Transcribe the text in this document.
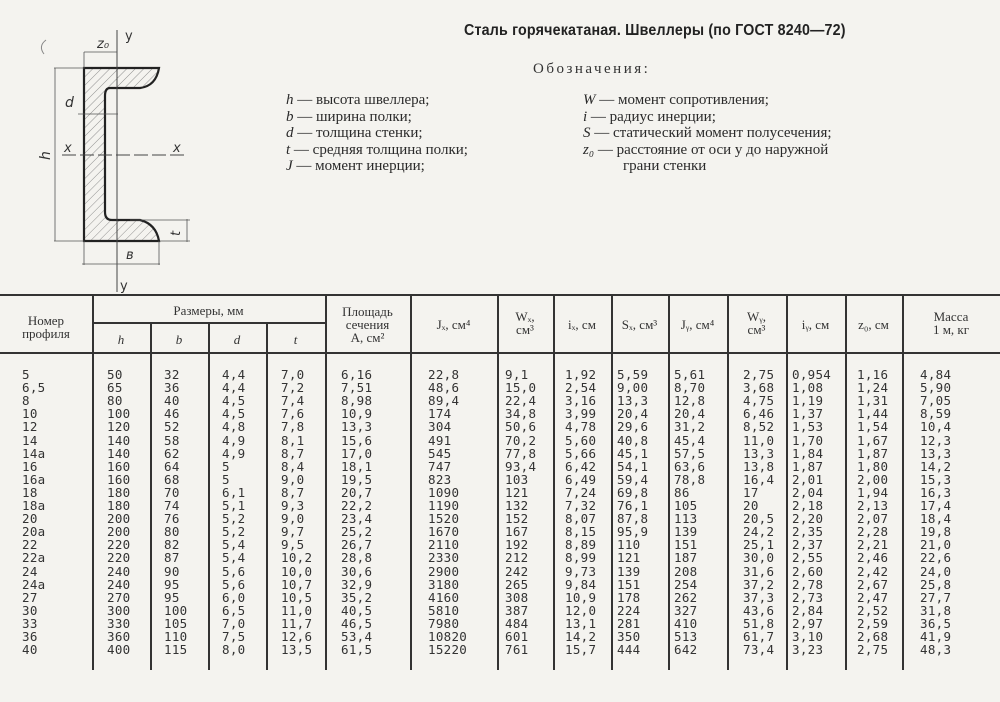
Сталь горячекатаная. Швеллеры (по ГОСТ 8240—72)
Обозначения:
h — высота швеллера;
b — ширина полки;
d — толщина стенки;
t — средняя толщина полки;
J — момент инерции;
W — момент сопротивления;
i — радиус инерции;
S — статический момент полусечения;
z₀ — расстояние от оси y до наружной
грани стенки
z₀
y
y
d
h x	x
в
t
Номер
профиля
Размеры, мм
h	b	d	t
Площадь
сечения
A, см²
Jₓ, см⁴
Wₓ,
см³	iₓ, см	Sₓ, см³	Jᵧ, см⁴
Wᵧ,
см³	iᵧ, см	z₀, см
Масса
1 м, кг
5	50	32	4,4	7,0	6,16	22,8	9,1	1,92 5,59 5,61	2,75 0,954 1,16	4,84
6,5	65	36	4,4	7,2	7,51	48,6	15,0 2,54 9,00 8,70	3,68 1,08	1,24	5,90
8	80	40	4,5	7,4	8,98	89,4	22,4 3,16 13,3 12,8	4,75 1,19	1,31	7,05
10	100	46	4,5	7,6	10,9	174	34,8 3,99 20,4 20,4	6,46 1,37	1,44	8,59
12	120	52	4,8	7,8	13,3	304	50,6 4,78 29,6 31,2	8,52 1,53	1,54	10,4
14	140	58	4,9	8,1	15,6	491	70,2 5,60 40,8 45,4	11,0 1,70	1,67	12,3
14a	140	62	4,9	8,7	17,0	545	77,8 5,66 45,1 57,5	13,3 1,84	1,87	13,3
16	160	64	5	8,4	18,1	747	93,4 6,42 54,1 63,6	13,8 1,87	1,80	14,2
16a	160	68	5	9,0	19,5	823	103	6,49 59,4 78,8	16,4 2,01	2,00	15,3
18	180	70	6,1	8,7	20,7	1090	121	7,24 69,8 86	17	2,04	1,94	16,3
18a	180	74	5,1	9,3	22,2	1190	132	7,32 76,1 105	20	2,18	2,13	17,4
20	200	76	5,2	9,0	23,4	1520	152	8,07 87,8 113	20,5 2,20	2,07	18,4
20a	200	80	5,2	9,7	25,2	1670	167	8,15 95,9 139	24,2 2,35	2,28	19,8
22	220	82	5,4	9,5	26,7	2110	192	8,89 110	151	25,1 2,37	2,21	21,0
22a	220	87	5,4	10,2 28,8	2330	212	8,99 121	187	30,0 2,55	2,46	22,6
24	240	90	5,6	10,0 30,6	2900	242	9,73 139	208	31,6 2,60	2,42	24,0
24a	240	95	5,6	10,7 32,9	3180	265	9,84 151	254	37,2 2,78	2,67	25,8
27	270	95	6,0	10,5 35,2	4160	308	10,9 178	262	37,3 2,73	2,47	27,7
30	300	100	6,5	11,0 40,5	5810	387	12,0 224	327	43,6 2,84	2,52	31,8
33	330	105	7,0	11,7 46,5	7980	484	13,1 281	410	51,8 2,97	2,59	36,5
36	360	110	7,5	12,6 53,4	10820	601	14,2 350	513	61,7 3,10	2,68	41,9
40	400	115	8,0	13,5 61,5	15220	761	15,7 444	642	73,4 3,23	2,75	48,3
